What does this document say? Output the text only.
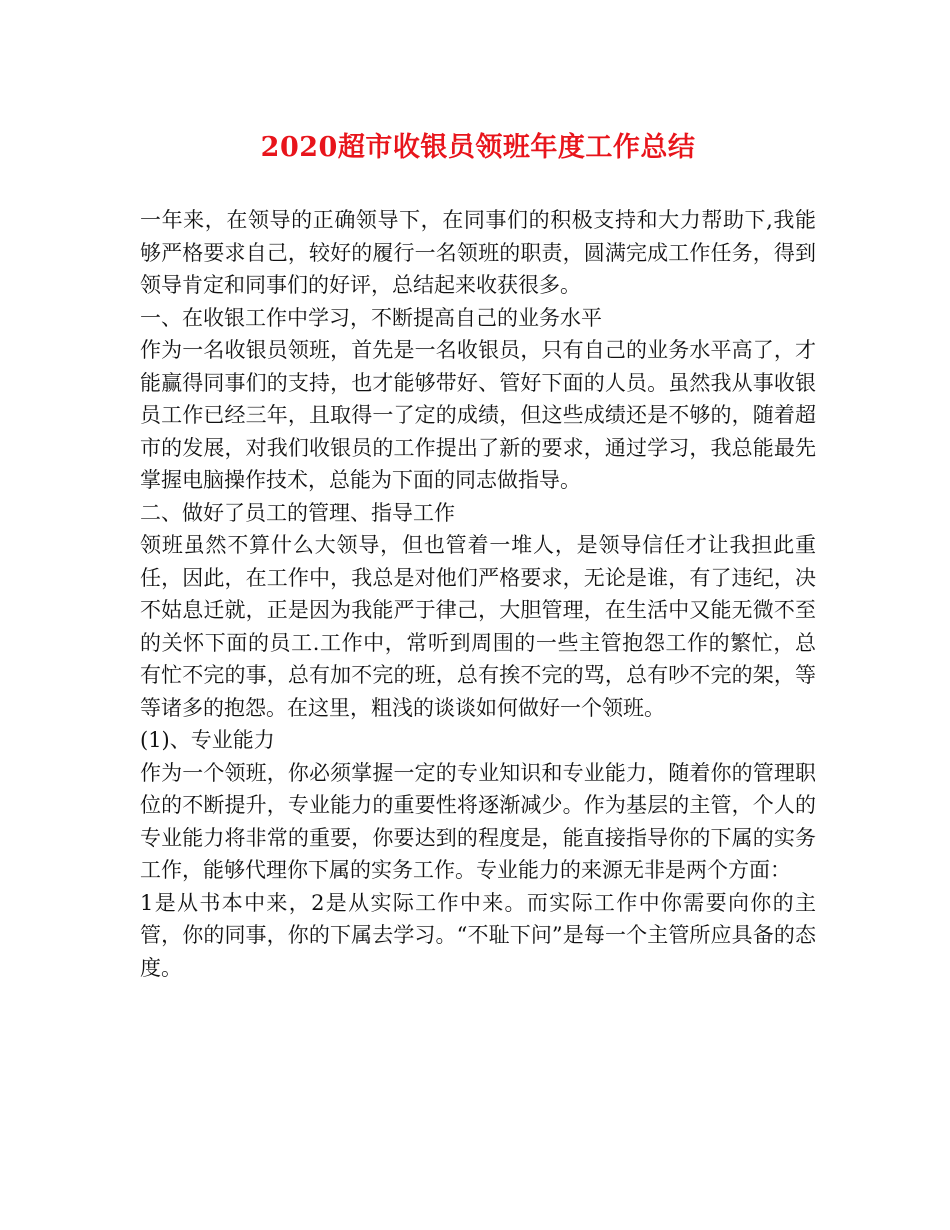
2020超市收银员领班年度工作总结

一年来，在领导的正确领导下，在同事们的积极支持和大力帮助下,我能够严格要求自己，较好的履行一名领班的职责，圆满完成工作任务，得到领导肯定和同事们的好评，总结起来收获很多。

一、在收银工作中学习，不断提高自己的业务水平

作为一名收银员领班，首先是一名收银员，只有自己的业务水平高了，才能赢得同事们的支持，也才能够带好、管好下面的人员。虽然我从事收银员工作已经三年，且取得一了定的成绩，但这些成绩还是不够的，随着超市的发展，对我们收银员的工作提出了新的要求，通过学习，我总能最先掌握电脑操作技术，总能为下面的同志做指导。

二、做好了员工的管理、指导工作

领班虽然不算什么大领导，但也管着一堆人，是领导信任才让我担此重任，因此，在工作中，我总是对他们严格要求，无论是谁，有了违纪，决不姑息迁就，正是因为我能严于律己，大胆管理，在生活中又能无微不至的关怀下面的员工.工作中，常听到周围的一些主管抱怨工作的繁忙，总有忙不完的事，总有加不完的班，总有挨不完的骂，总有吵不完的架，等等诸多的抱怨。在这里，粗浅的谈谈如何做好一个领班。

(1)、专业能力

作为一个领班，你必须掌握一定的专业知识和专业能力，随着你的管理职位的不断提升，专业能力的重要性将逐渐减少。作为基层的主管，个人的专业能力将非常的重要，你要达到的程度是，能直接指导你的下属的实务工作，能够代理你下属的实务工作。专业能力的来源无非是两个方面：

1是从书本中来，2是从实际工作中来。而实际工作中你需要向你的主管，你的同事，你的下属去学习。“不耻下问”是每一个主管所应具备的态度。
